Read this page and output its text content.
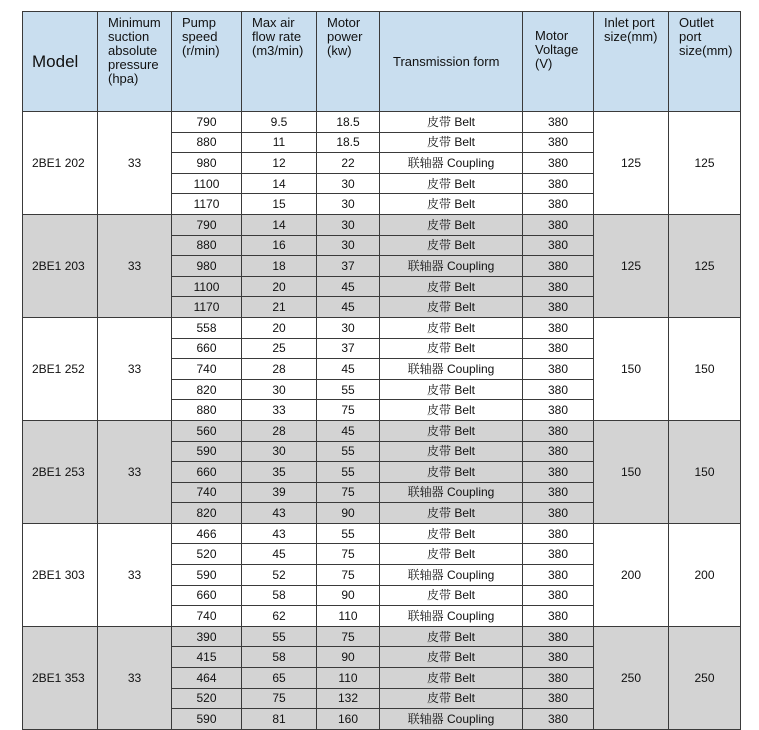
Model	Minimum suction absolute pressure (hpa)	Pump speed (r/min)	Max air flow rate (m3/min)	Motor power (kw)	Transmission form	Motor Voltage (V)	Inlet port size(mm)	Outlet port size(mm)
2BE1 202	33	790	9.5	18.5	皮带 Belt	380	125	125
		880	11	18.5	皮带 Belt	380		
		980	12	22	联轴器 Coupling	380		
		1100	14	30	皮带 Belt	380		
		1170	15	30	皮带 Belt	380		
2BE1 203	33	790	14	30	皮带 Belt	380	125	125
		880	16	30	皮带 Belt	380		
		980	18	37	联轴器 Coupling	380		
		1100	20	45	皮带 Belt	380		
		1170	21	45	皮带 Belt	380		
2BE1 252	33	558	20	30	皮带 Belt	380	150	150
		660	25	37	皮带 Belt	380		
		740	28	45	联轴器 Coupling	380		
		820	30	55	皮带 Belt	380		
		880	33	75	皮带 Belt	380		
2BE1 253	33	560	28	45	皮带 Belt	380	150	150
		590	30	55	皮带 Belt	380		
		660	35	55	皮带 Belt	380		
		740	39	75	联轴器 Coupling	380		
		820	43	90	皮带 Belt	380		
2BE1 303	33	466	43	55	皮带 Belt	380	200	200
		520	45	75	皮带 Belt	380		
		590	52	75	联轴器 Coupling	380		
		660	58	90	皮带 Belt	380		
		740	62	110	联轴器 Coupling	380		
2BE1 353	33	390	55	75	皮带 Belt	380	250	250
		415	58	90	皮带 Belt	380		
		464	65	110	皮带 Belt	380		
		520	75	132	皮带 Belt	380		
		590	81	160	联轴器 Coupling	380		
